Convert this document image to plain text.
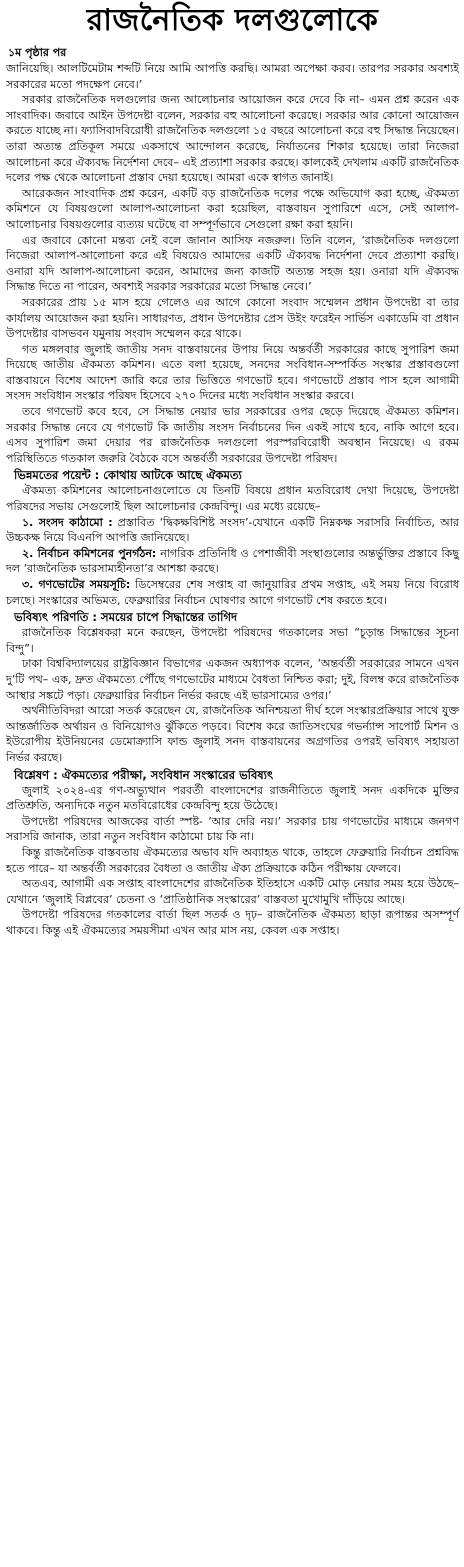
রাজনৈতিক দলগুলোকে
১ম পৃষ্ঠার পর

জানিয়েছি। আলটিমেটাম শব্দটি নিয়ে আমি আপত্তি করছি। আমরা অপেক্ষা করব। তারপর সরকার অবশ্যই সরকারের মতো পদক্ষেপ নেবে।’

সরকার রাজনৈতিক দলগুলোর জন্য আলোচনার আয়োজন করে দেবে কি না– এমন প্রশ্ন করেন এক সাংবাদিক। জবাবে আইন উপদেষ্টা বলেন, সরকার বহু আলোচনা করেছে। সরকার আর কোনো আয়োজন করতে যাচ্ছে না। ফ্যাসিবাদবিরোধী রাজনৈতিক দলগুলো ১৫ বছরে আলোচনা করে বহু সিদ্ধান্ত নিয়েছেন। তারা অত্যন্ত প্রতিকূল সময়ে একসাথে আন্দোলন করেছে, নির্যাতনের শিকার হয়েছে। তারা নিজেরা আলোচনা করে ঐক্যবদ্ধ নির্দেশনা দেবে– এই প্রত্যাশা সরকার করছে। কালকেই দেখলাম একটি রাজনৈতিক দলের পক্ষ থেকে আলোচনা প্রস্তাব দেয়া হয়েছে। আমরা একে স্বাগত জানাই।

আরেকজন সাংবাদিক প্রশ্ন করেন, একটি বড় রাজনৈতিক দলের পক্ষে অভিযোগ করা হচ্ছে, ঐকমত্য কমিশনে যে বিষয়গুলো আলাপ-আলোচনা করা হয়েছিল, বাস্তবায়ন সুপারিশে এসে, সেই আলাপ-আলোচনার বিষয়গুলোর ব্যত্যয় ঘটেছে বা সম্পূর্ণভাবে সেগুলো রক্ষা করা হয়নি।

এর জবাবে কোনো মন্তব্য নেই বলে জানান আসিফ নজরুল। তিনি বলেন, ‘রাজনৈতিক দলগুলো নিজেরা আলাপ-আলোচনা করে এই বিষয়েও আমাদের একটি ঐক্যবদ্ধ নির্দেশনা দেবে প্রত্যাশা করছি। ওনারা যদি আলাপ-আলোচনা করেন, আমাদের জন্য কাজটি অত্যন্ত সহজ হয়। ওনারা যদি ঐক্যবদ্ধ সিদ্ধান্ত দিতে না পারেন, অবশ্যই সরকার সরকারের মতো সিদ্ধান্ত নেবে।’

সরকারের প্রায় ১৫ মাস হয়ে গেলেও এর আগে কোনো সংবাদ সম্মেলন প্রধান উপদেষ্টা বা তার কার্যালয় আয়োজন করা হয়নি। সাধারণত, প্রধান উপদেষ্টার প্রেস উইং ফরেইন সার্ভিস একাডেমি বা প্রধান উপদেষ্টার বাসভবন যমুনায় সংবাদ সম্মেলন করে থাকে।

গত মঙ্গলবার জুলাই জাতীয় সনদ বাস্তবায়নের উপায় নিয়ে অন্তর্বর্তী সরকারের কাছে সুপারিশ জমা দিয়েছে জাতীয় ঐকমত্য কমিশন। এতে বলা হয়েছে, সনদের সংবিধান-সম্পর্কিত সংস্কার প্রস্তাবগুলো বাস্তবায়নে বিশেষ আদেশ জারি করে তার ভিত্তিতে গণভোট হবে। গণভোটে প্রস্তাব পাস হলে আগামী সংসদ সংবিধান সংস্কার পরিষদ হিসেবে ২৭০ দিনের মধ্যে সংবিধান সংস্কার করবে।

তবে গণভোট কবে হবে, সে সিদ্ধান্ত নেয়ার ভার সরকারের ওপর ছেড়ে দিয়েছে ঐকমত্য কমিশন। সরকার সিদ্ধান্ত নেবে যে গণভোট কি জাতীয় সংসদ নির্বাচনের দিন একই সাথে হবে, নাকি আগে হবে। এসব সুপারিশ জমা দেয়ার পর রাজনৈতিক দলগুলো পরস্পরবিরোধী অবস্থান নিয়েছে। এ রকম পরিস্থিতিতে গতকাল জরুরি বৈঠকে বসে অন্তর্বর্তী সরকারের উপদেষ্টা পরিষদ।

ভিন্নমতের পয়েন্ট : কোথায় আটকে আছে ঐকমত্য

ঐকমত্য কমিশনের আলোচনাগুলোতে যে তিনটি বিষয়ে প্রধান মতবিরোধ দেখা দিয়েছে, উপদেষ্টা পরিষদের সভায় সেগুলোই ছিল আলোচনার কেন্দ্রবিন্দু। এর মধ্যে রয়েছে–

১. সংসদ কাঠামো : প্রস্তাবিত ‘দ্বিকক্ষবিশিষ্ট সংসদ’-যেখানে একটি নিম্নকক্ষ সরাসরি নির্বাচিত, আর উচ্চকক্ষ নিয়ে বিএনপি আপত্তি জানিয়েছে।

২. নির্বাচন কমিশনের পুনর্গঠন: নাগরিক প্রতিনিধি ও পেশাজীবী সংস্থাগুলোর অন্তর্ভুক্তির প্রস্তাবে কিছু দল ‘রাজনৈতিক ভারসাম্যহীনতা’র আশঙ্কা করছে।

৩. গণভোটের সময়সূচি: ডিসেম্বরের শেষ সপ্তাহ বা জানুয়ারির প্রথম সপ্তাহ, এই সময় নিয়ে বিরোধ চলছে। সংস্কারের অভিমত, ফেব্রুয়ারির নির্বাচন ঘোষণার আগে গণভোট শেষ করতে হবে।

ভবিষ্যৎ পরিণতি : সময়ের চাপে সিদ্ধান্তের তাগিদ

রাজনৈতিক বিশ্লেষকরা মনে করছেন, উপদেষ্টা পরিষদের গতকালের সভা “চূড়ান্ত সিদ্ধান্তের সূচনা বিন্দু”।

ঢাকা বিশ্ববিদ্যালয়ের রাষ্ট্রবিজ্ঞান বিভাগের একজন অধ্যাপক বলেন, ‘অন্তর্বর্তী সরকারের সামনে এখন দু’টি পথ– এক, দ্রুত ঐকমত্যে পৌঁছে গণভোটের মাধ্যমে বৈধতা নিশ্চিত করা; দুই, বিলম্ব করে রাজনৈতিক আস্থার সঙ্কটে পড়া। ফেব্রুয়ারির নির্বাচন নির্ভর করছে এই ভারসাম্যের ওপর।’

অর্থনীতিবিদরা আরো সতর্ক করেছেন যে, রাজনৈতিক অনিশ্চয়তা দীর্ঘ হলে সংস্কারপ্রক্রিয়ার সাথে যুক্ত আন্তর্জাতিক অর্থায়ন ও বিনিয়োগও ঝুঁকিতে পড়বে। বিশেষ করে জাতিসংঘের গভর্ন্যান্স সাপোর্ট মিশন ও ইউরোপীয় ইউনিয়নের ডেমোক্র্যাসি ফান্ড জুলাই সনদ বাস্তবায়নের অগ্রগতির ওপরই ভবিষ্যৎ সহায়তা নির্ভর করছে।

বিশ্লেষণ : ঐকমত্যের পরীক্ষা, সংবিধান সংস্কারের ভবিষ্যৎ

জুলাই ২০২৪-এর গণ-অভ্যুত্থান পরবর্তী বাংলাদেশের রাজনীতিতে জুলাই সনদ একদিকে মুক্তির প্রতিশ্রুতি, অন্যদিকে নতুন মতবিরোধের কেন্দ্রবিন্দু হয়ে উঠেছে।

উপদেষ্টা পরিষদের আজকের বার্তা স্পষ্ট- ‘আর দেরি নয়।’ সরকার চায় গণভোটের মাধ্যমে জনগণ সরাসরি জানাক, তারা নতুন সংবিধান কাঠামো চায় কি না।

কিন্তু রাজনৈতিক বাস্তবতায় ঐকমত্যের অভাব যদি অব্যাহত থাকে, তাহলে ফেব্রুয়ারি নির্বাচন প্রশ্নবিদ্ধ হতে পারে– যা অন্তর্বর্তী সরকারের বৈধতা ও জাতীয় ঐক্য প্রক্রিয়াকে কঠিন পরীক্ষায় ফেলবে।

অতএব, আগামী এক সপ্তাহ বাংলাদেশের রাজনৈতিক ইতিহাসে একটি মোড় নেয়ার সময় হয়ে উঠছে– যেখানে ‘জুলাই বিপ্লবের’ চেতনা ও ‘প্রাতিষ্ঠানিক সংস্কারের’ বাস্তবতা মুখোমুখি দাঁড়িয়ে আছে।

উপদেষ্টা পরিষদের গতকালের বার্তা ছিল সতর্ক ও দৃঢ়– রাজনৈতিক ঐকমত্য ছাড়া রূপান্তর অসম্পূর্ণ থাকবে। কিন্তু এই ঐকমত্যের সময়সীমা এখন আর মাস নয়, কেবল এক সপ্তাহ।
